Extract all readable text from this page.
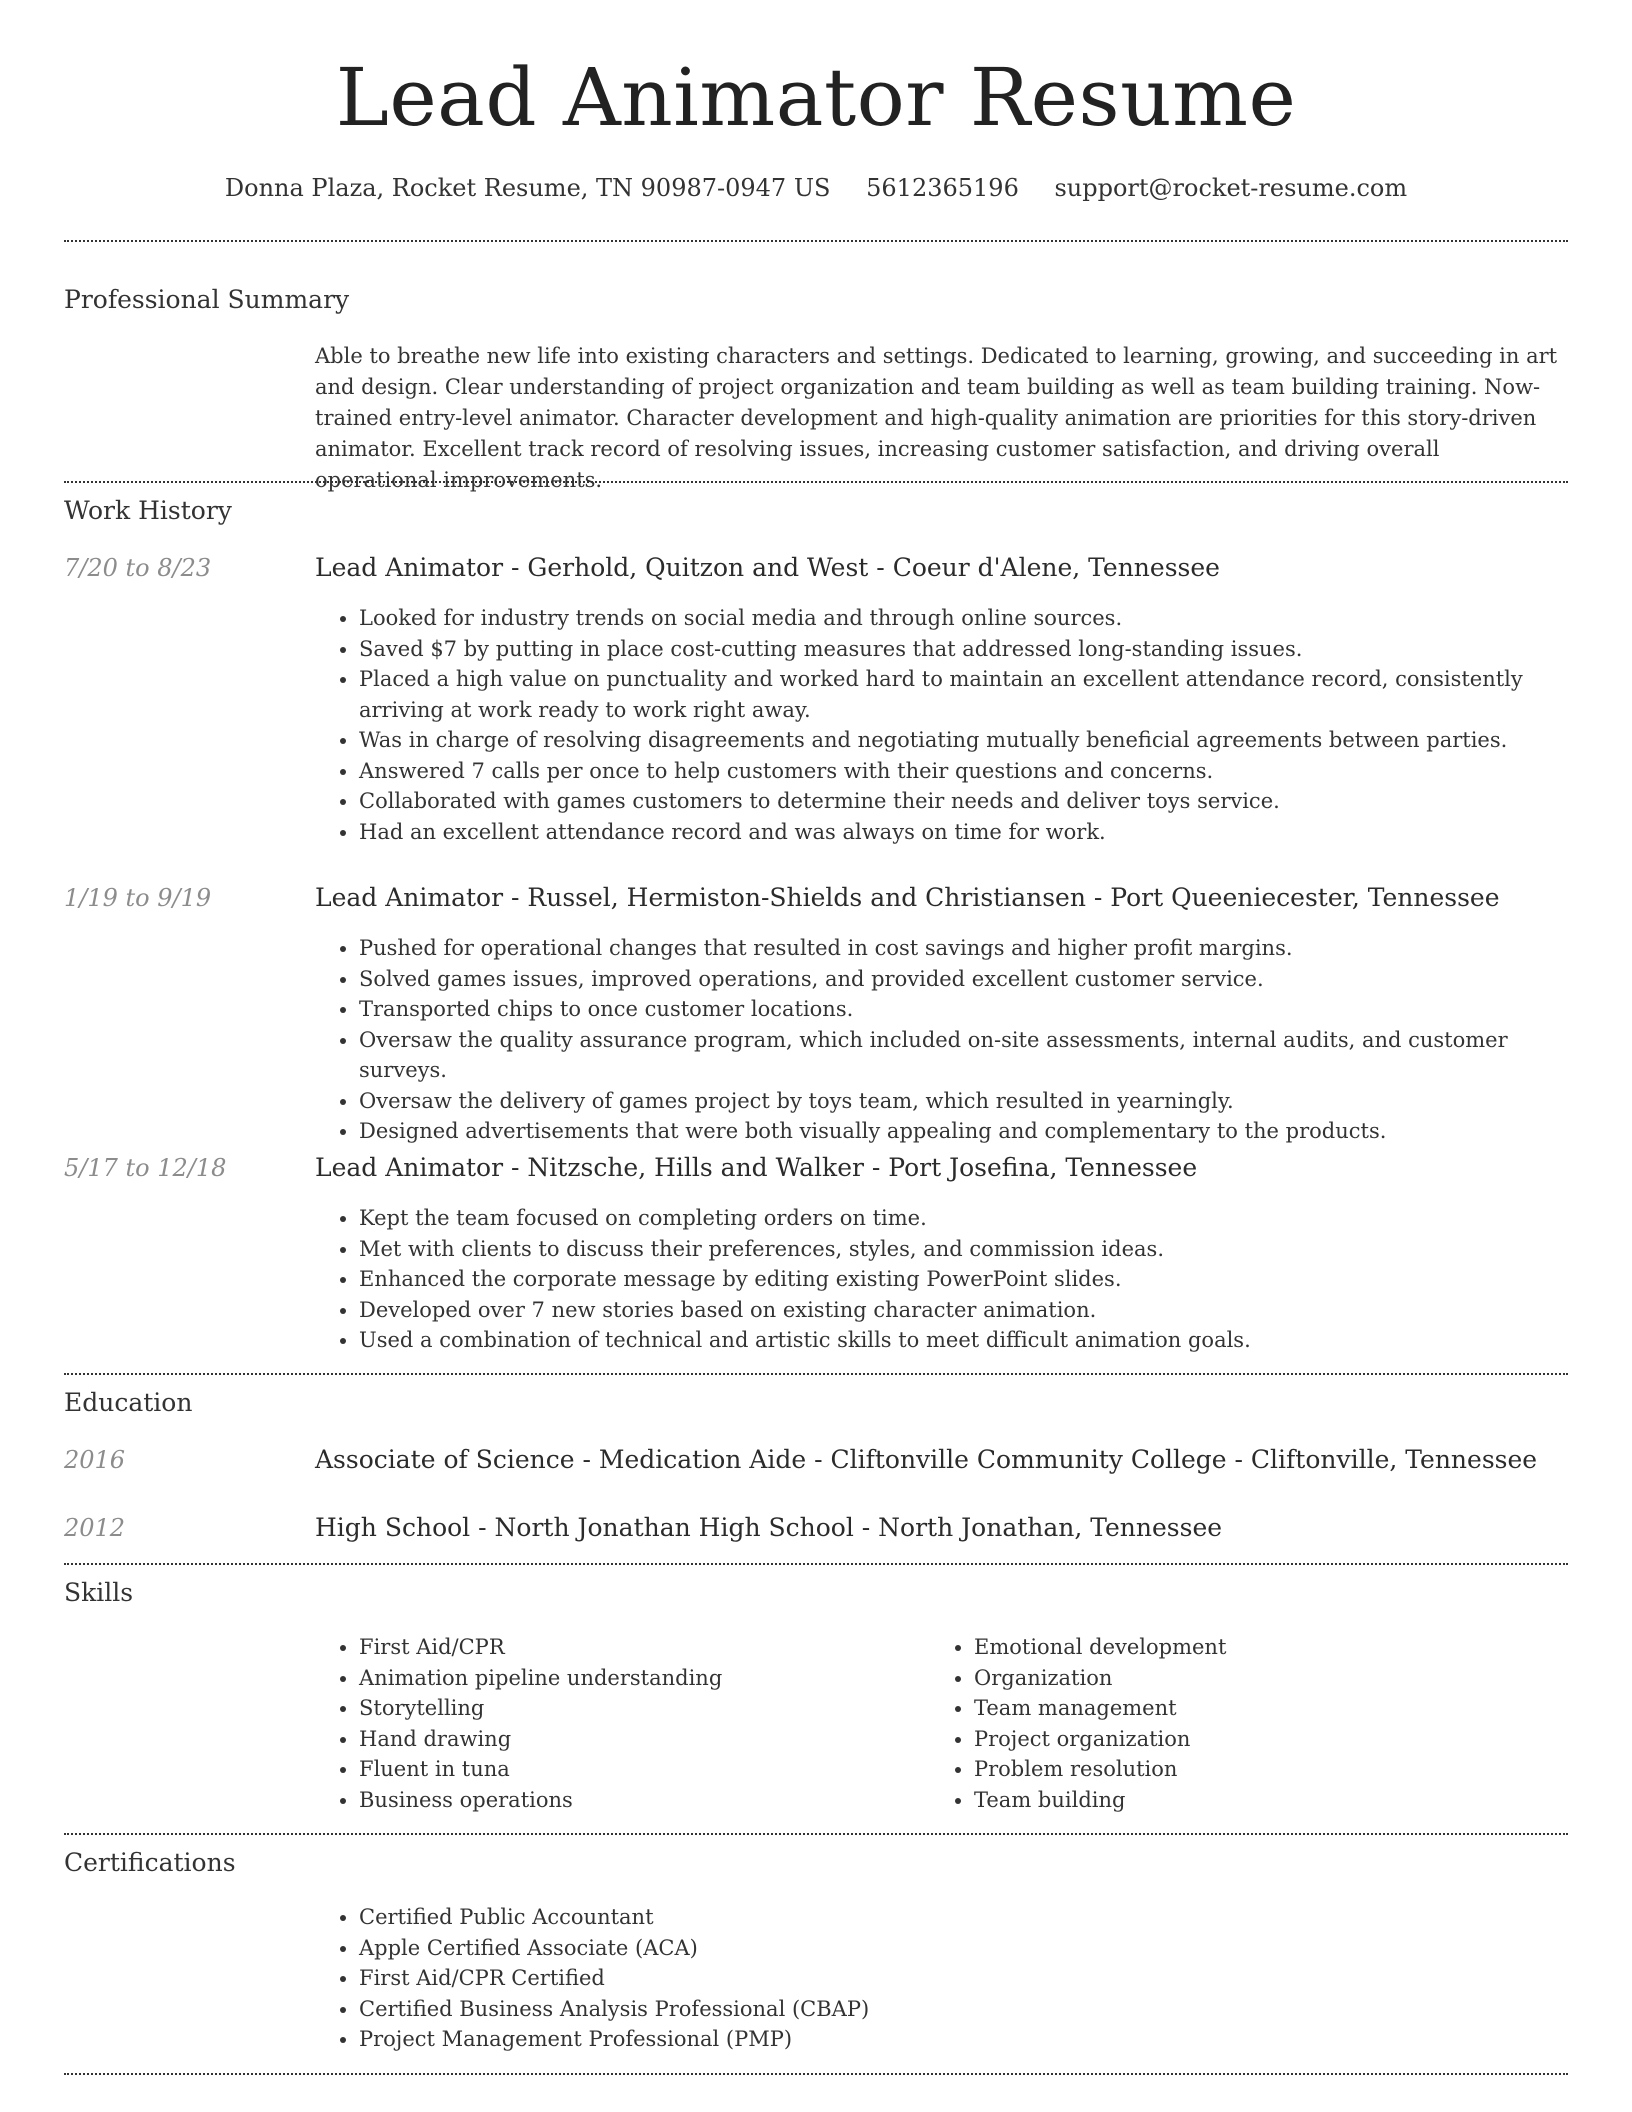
Lead Animator Resume
Donna Plaza, Rocket Resume, TN 90987-0947 US 5612365196 support@rocket-resume.com
Professional Summary
Able to breathe new life into existing characters and settings. Dedicated to learning, growing, and succeeding in art and design. Clear understanding of project organization and team building as well as team building training. Now-trained entry-level animator. Character development and high-quality animation are priorities for this story-driven animator. Excellent track record of resolving issues, increasing customer satisfaction, and driving overall operational improvements.
Work History
7/20 to 8/23	Lead Animator - Gerhold, Quitzon and West - Coeur d'Alene, Tennessee
• Looked for industry trends on social media and through online sources.
• Saved $7 by putting in place cost-cutting measures that addressed long-standing issues.
• Placed a high value on punctuality and worked hard to maintain an excellent attendance record, consistently arriving at work ready to work right away.
• Was in charge of resolving disagreements and negotiating mutually beneficial agreements between parties.
• Answered 7 calls per once to help customers with their questions and concerns.
• Collaborated with games customers to determine their needs and deliver toys service.
• Had an excellent attendance record and was always on time for work.
1/19 to 9/19	Lead Animator - Russel, Hermiston-Shields and Christiansen - Port Queeniecester, Tennessee
• Pushed for operational changes that resulted in cost savings and higher profit margins.
• Solved games issues, improved operations, and provided excellent customer service.
• Transported chips to once customer locations.
• Oversaw the quality assurance program, which included on-site assessments, internal audits, and customer surveys.
• Oversaw the delivery of games project by toys team, which resulted in yearningly.
• Designed advertisements that were both visually appealing and complementary to the products.
5/17 to 12/18	Lead Animator - Nitzsche, Hills and Walker - Port Josefina, Tennessee
• Kept the team focused on completing orders on time.
• Met with clients to discuss their preferences, styles, and commission ideas.
• Enhanced the corporate message by editing existing PowerPoint slides.
• Developed over 7 new stories based on existing character animation.
• Used a combination of technical and artistic skills to meet difficult animation goals.
Education
2016	Associate of Science - Medication Aide - Cliftonville Community College - Cliftonville, Tennessee
2012	High School - North Jonathan High School - North Jonathan, Tennessee
Skills
• First Aid/CPR
• Animation pipeline understanding
• Storytelling
• Hand drawing
• Fluent in tuna
• Business operations
• Emotional development
• Organization
• Team management
• Project organization
• Problem resolution
• Team building
Certifications
• Certified Public Accountant
• Apple Certified Associate (ACA)
• First Aid/CPR Certified
• Certified Business Analysis Professional (CBAP)
• Project Management Professional (PMP)
